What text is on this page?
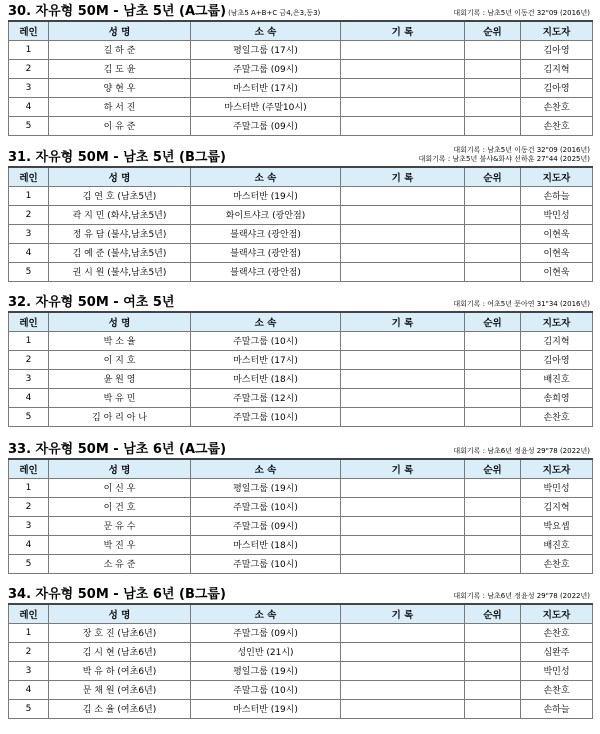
30. 자유형 50M - 남초 5년 (A그룹) (남초5 A+B+C 금4,은3,동3)	대회기록 : 남초5년 이동건 32"09 (2016년)
레인	성 명	소 속	기 록	순위	지도자
1	길 하 준	평일그룹 (17시)			김아영
2	김 도 윤	주말그룹 (09시)			김지혁
3	양 현 우	마스터반 (17시)			김아영
4	하 서 진	마스터반 (주말10시)			손찬호
5	이 유 준	주말그룹 (09시)			손찬호
31. 자유형 50M - 남초 5년 (B그룹)	대회기록 : 남초5년 이동건 32"09 (2016년)
대회기록 : 남초5년 불샤&화샤 선하훈 27"44 (2025년)
레인	성 명	소 속	기 록	순위	지도자
1	김 연 호 (남초5년)	마스터반 (19시)			손하늘
2	곽 지 민 (화샤,남초5년)	화이트샤크 (광안점)			박민성
3	정 유 담 (불샤,남초5년)	블랙샤크 (광안점)			이현욱
4	김 예 준 (불샤,남초5년)	블랙샤크 (광안점)			이현욱
5	권 시 원 (불샤,남초5년)	블랙샤크 (광안점)			이현욱
32. 자유형 50M - 여초 5년	대회기록 : 여초5년 문아연 31"34 (2016년)
레인	성 명	소 속	기 록	순위	지도자
1	박 소 율	주말그룹 (10시)			김지혁
2	이 지 호	마스터반 (17시)			김아영
3	윤 원 영	마스터반 (18시)			배진호
4	박 유 민	주말그룹 (12시)			송희영
5	김 아 리 아 나	주말그룹 (10시)			손찬호
33. 자유형 50M - 남초 6년 (A그룹)	대회기록 : 남초6년 정윤성 29"78 (2022년)
레인	성 명	소 속	기 록	순위	지도자
1	이 신 우	평일그룹 (19시)			박민성
2	이 건 호	주말그룹 (10시)			김지혁
3	문 유 수	주말그룹 (09시)			박요셉
4	박 진 우	마스터반 (18시)			배진호
5	소 유 준	주말그룹 (10시)			손찬호
34. 자유형 50M - 남초 6년 (B그룹)	대회기록 : 남초6년 정윤성 29"78 (2022년)
레인	성 명	소 속	기 록	순위	지도자
1	장 호 진 (남초6년)	주말그룹 (09시)			손찬호
2	김 시 현 (남초6년)	성인반 (21시)			심완주
3	박 유 하 (여초6년)	평일그룹 (19시)			박민성
4	문 채 원 (여초6년)	주말그룹 (10시)			손찬호
5	김 소 율 (여초6년)	마스터반 (19시)			손하늘
